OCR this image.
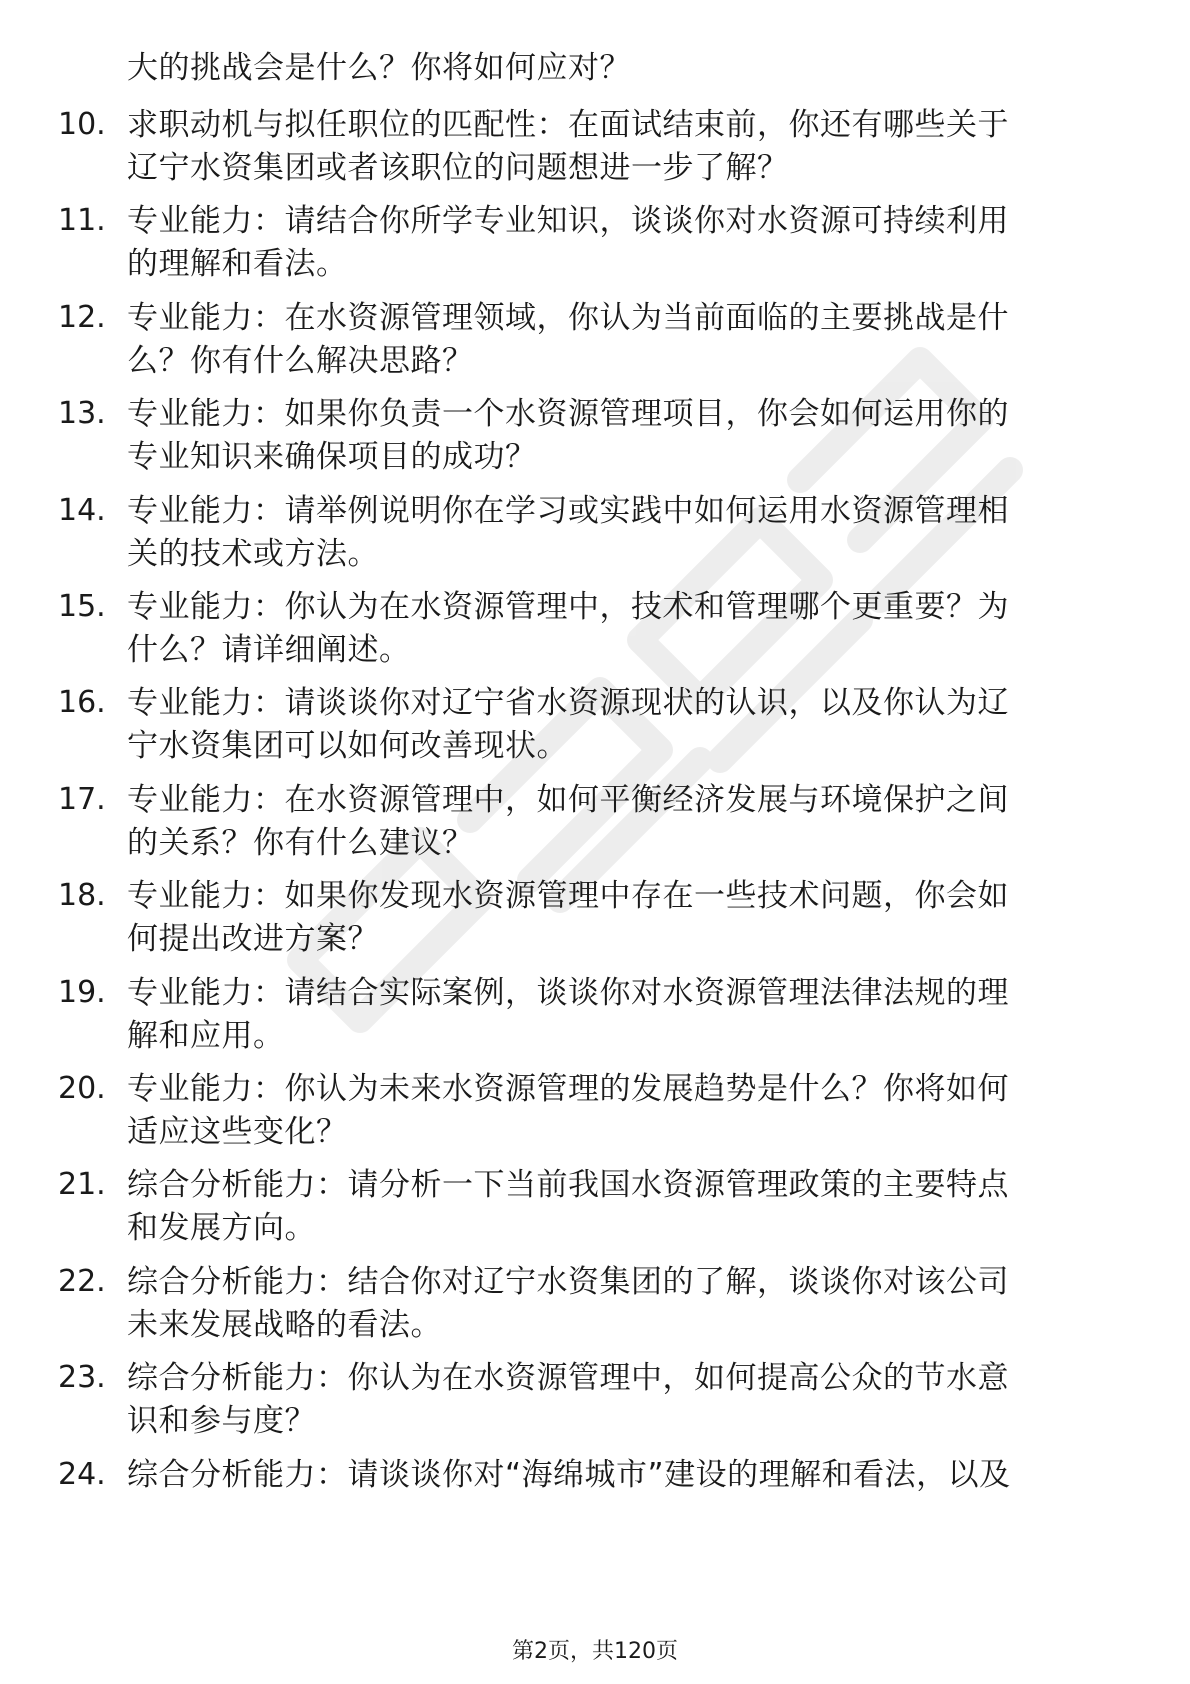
大的挑战会是什么？你将如何应对？
10. 求职动机与拟任职位的匹配性：在面试结束前，你还有哪些关于
辽宁水资集团或者该职位的问题想进一步了解？
11. 专业能力：请结合你所学专业知识，谈谈你对水资源可持续利用
的理解和看法。
12. 专业能力：在水资源管理领域，你认为当前面临的主要挑战是什
么？你有什么解决思路？
13. 专业能力：如果你负责一个水资源管理项目，你会如何运用你的
专业知识来确保项目的成功？
14. 专业能力：请举例说明你在学习或实践中如何运用水资源管理相
关的技术或方法。
15. 专业能力：你认为在水资源管理中，技术和管理哪个更重要？为
什么？请详细阐述。
16. 专业能力：请谈谈你对辽宁省水资源现状的认识，以及你认为辽
宁水资集团可以如何改善现状。
17. 专业能力：在水资源管理中，如何平衡经济发展与环境保护之间
的关系？你有什么建议？
18. 专业能力：如果你发现水资源管理中存在一些技术问题，你会如
何提出改进方案？
19. 专业能力：请结合实际案例，谈谈你对水资源管理法律法规的理
解和应用。
20. 专业能力：你认为未来水资源管理的发展趋势是什么？你将如何
适应这些变化？
21. 综合分析能力：请分析一下当前我国水资源管理政策的主要特点
和发展方向。
22. 综合分析能力：结合你对辽宁水资集团的了解，谈谈你对该公司
未来发展战略的看法。
23. 综合分析能力：你认为在水资源管理中，如何提高公众的节水意
识和参与度？
24. 综合分析能力：请谈谈你对“海绵城市”建设的理解和看法，以及
第2页，共120页
